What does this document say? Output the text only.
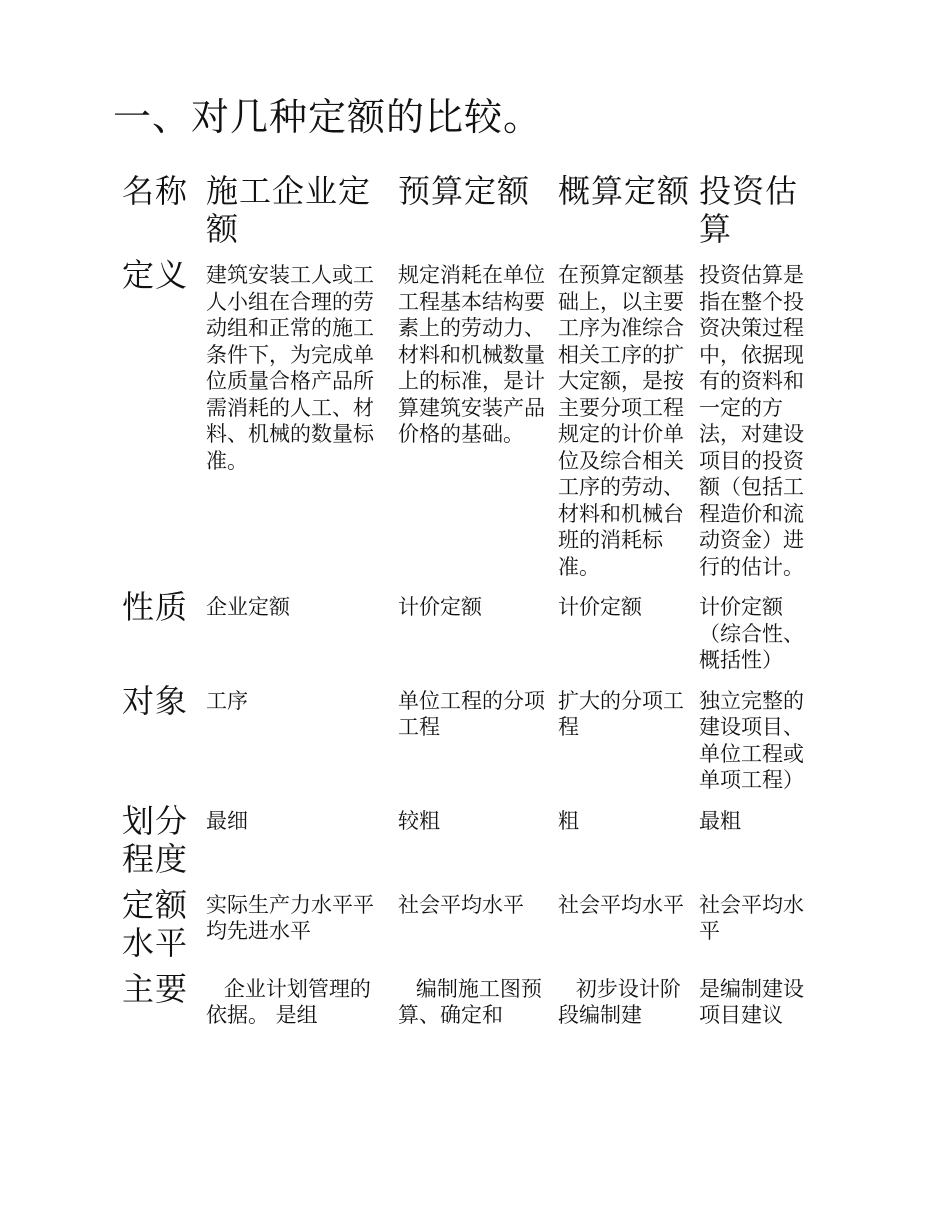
一、对几种定额的比较。
名称	施工企业定额	预算定额	概算定额	投资估算
定义	建筑安装工人或工人小组在合理的劳动组和正常的施工条件下，为完成单位质量合格产品所需消耗的人工、材料、机械的数量标准。	规定消耗在单位工程基本结构要素上的劳动力、材料和机械数量上的标准，是计算建筑安装产品价格的基础。	在预算定额基础上，以主要工序为准综合相关工序的扩大定额，是按主要分项工程规定的计价单位及综合相关工序的劳动、材料和机械台班的消耗标准。	投资估算是指在整个投资决策过程中，依据现有的资料和一定的方法，对建设项目的投资额（包括工程造价和流动资金）进行的估计。
性质	企业定额	计价定额	计价定额	计价定额（综合性、概括性）
对象	工序	单位工程的分项工程	扩大的分项工程	独立完整的建设项目、单位工程或单项工程）
划分程度	最细	较粗	粗	最粗
定额水平	实际生产力水平平均先进水平	社会平均水平	社会平均水平	社会平均水平
主要	企业计划管理的依据。 是组	编制施工图预算、确定和	初步设计阶段编制建	是编制建设项目建议
